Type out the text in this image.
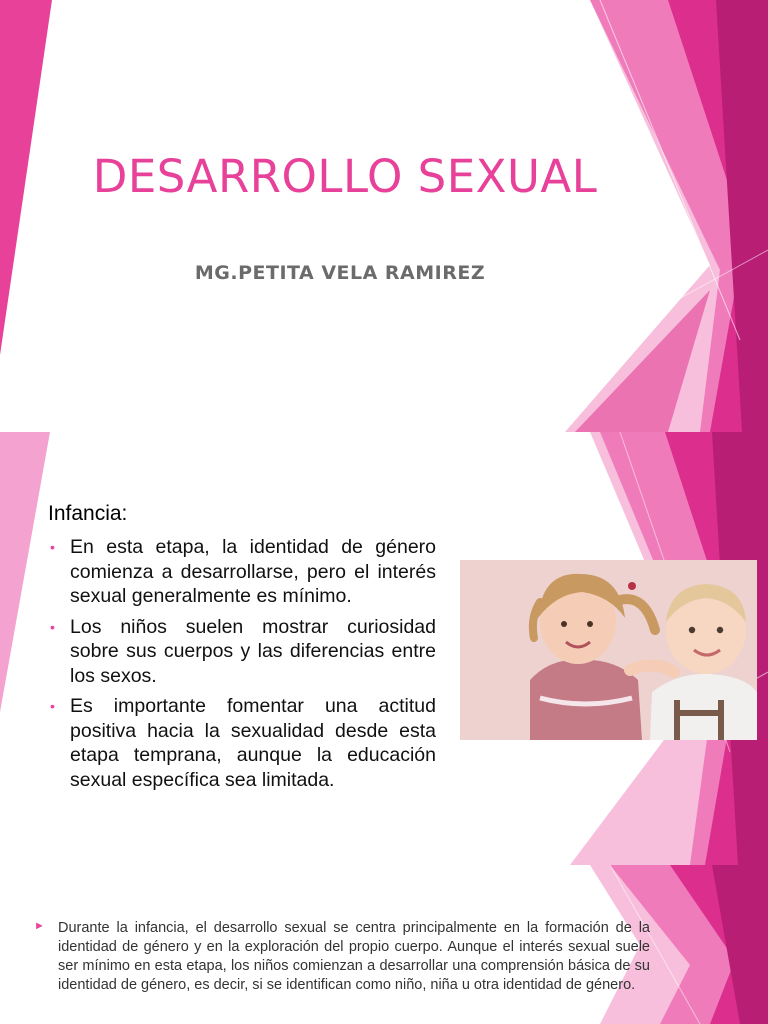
DESARROLLO SEXUAL

MG.PETITA VELA RAMIREZ

Infancia:
• En esta etapa, la identidad de género comienza a desarrollarse, pero el interés sexual generalmente es mínimo.
• Los niños suelen mostrar curiosidad sobre sus cuerpos y las diferencias entre los sexos.
• Es importante fomentar una actitud positiva hacia la sexualidad desde esta etapa temprana, aunque la educación sexual específica sea limitada.
► Durante la infancia, el desarrollo sexual se centra principalmente en la formación de la identidad de género y en la exploración del propio cuerpo. Aunque el interés sexual suele ser mínimo en esta etapa, los niños comienzan a desarrollar una comprensión básica de su identidad de género, es decir, si se identifican como niño, niña u otra identidad de género.
